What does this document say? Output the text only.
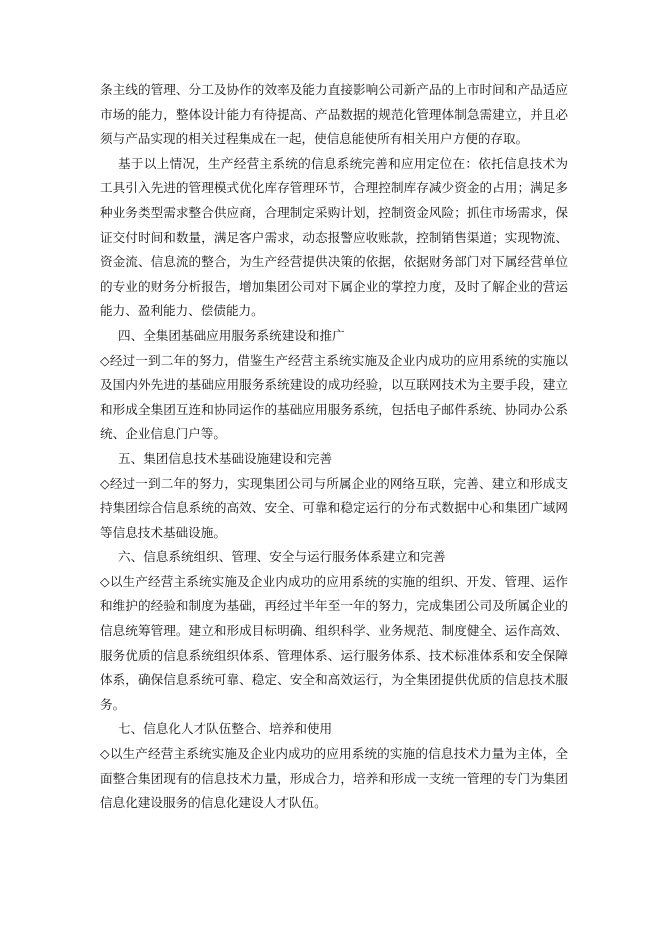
条主线的管理、分工及协作的效率及能力直接影响公司新产品的上市时间和产品适应市场的能力，整体设计能力有待提高、产品数据的规范化管理体制急需建立，并且必须与产品实现的相关过程集成在一起，使信息能使所有相关用户方便的存取。

基于以上情况，生产经营主系统的信息系统完善和应用定位在：依托信息技术为工具引入先进的管理模式优化库存管理环节，合理控制库存减少资金的占用；满足多种业务类型需求整合供应商，合理制定采购计划，控制资金风险；抓住市场需求，保证交付时间和数量，满足客户需求，动态报警应收账款，控制销售渠道；实现物流、资金流、信息流的整合，为生产经营提供决策的依据，依据财务部门对下属经营单位的专业的财务分析报告，增加集团公司对下属企业的掌控力度，及时了解企业的营运能力、盈利能力、偿债能力。

四、全集团基础应用服务系统建设和推广

◇经过一到二年的努力，借鉴生产经营主系统实施及企业内成功的应用系统的实施以及国内外先进的基础应用服务系统建设的成功经验，以互联网技术为主要手段，建立和形成全集团互连和协同运作的基础应用服务系统，包括电子邮件系统、协同办公系统、企业信息门户等。

五、集团信息技术基础设施建设和完善

◇经过一到二年的努力，实现集团公司与所属企业的网络互联，完善、建立和形成支持集团综合信息系统的高效、安全、可靠和稳定运行的分布式数据中心和集团广域网等信息技术基础设施。

六、信息系统组织、管理、安全与运行服务体系建立和完善

◇以生产经营主系统实施及企业内成功的应用系统的实施的组织、开发、管理、运作和维护的经验和制度为基础，再经过半年至一年的努力，完成集团公司及所属企业的信息统筹管理。建立和形成目标明确、组织科学、业务规范、制度健全、运作高效、服务优质的信息系统组织体系、管理体系、运行服务体系、技术标准体系和安全保障体系，确保信息系统可靠、稳定、安全和高效运行，为全集团提供优质的信息技术服务。

七、信息化人才队伍整合、培养和使用

◇以生产经营主系统实施及企业内成功的应用系统的实施的信息技术力量为主体，全面整合集团现有的信息技术力量，形成合力，培养和形成一支统一管理的专门为集团信息化建设服务的信息化建设人才队伍。
